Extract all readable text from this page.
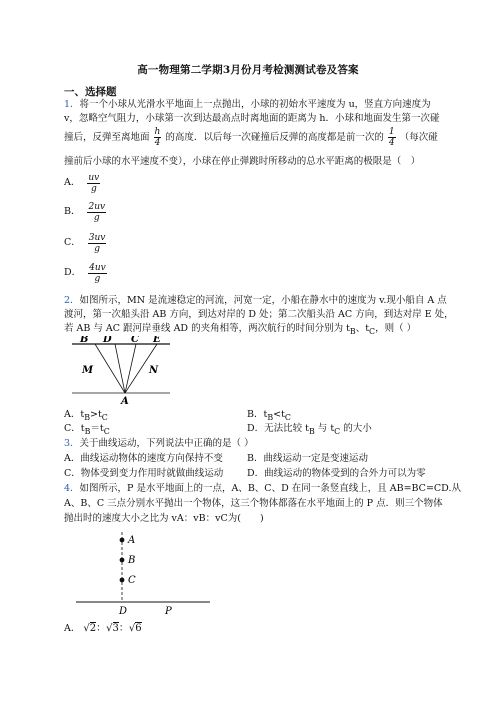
高一物理第二学期3月份月考检测测试卷及答案
一、选择题
1．将一个小球从光滑水平地面上一点抛出，小球的初始水平速度为 u，竖直方向速度为
v，忽略空气阻力，小球第一次到达最高点时离地面的距离为 h．小球和地面发生第一次碰
撞后，反弹至离地面 $\frac{h}{4}$ 的高度．以后每一次碰撞后反弹的高度都是前一次的 $\frac{1}{4}$ （每次碰
撞前后小球的水平速度不变），小球在停止弹跳时所移动的总水平距离的极限是（　）
A． $\frac{uv}{g}$
B． $\frac{2uv}{g}$
C． $\frac{3uv}{g}$
D． $\frac{4uv}{g}$
2．如图所示，MN 是流速稳定的河流，河宽一定，小船在静水中的速度为 v.现小船自 A 点
渡河，第一次船头沿 AB 方向，到达对岸的 D 处；第二次船头沿 AC 方向，到达对岸 E 处，
若 AB 与 AC 跟河岸垂线 AD 的夹角相等，两次航行的时间分别为 $t_B$、$t_C$，则（ ）
B D C E
M	N
A
A．$t_B>t_C$	B．$t_B<t_C$
C．$t_B=t_C$	D．无法比较 $t_B$ 与 $t_C$ 的大小
3．关于曲线运动，下列说法中正确的是（ ）
A．曲线运动物体的速度方向保持不变	B．曲线运动一定是变速运动
C．物体受到变力作用时就做曲线运动 D．曲线运动的物体受到的合外力可以为零
4．如图所示，P 是水平地面上的一点，A、B、C、D 在同一条竖直线上，且 AB=BC=CD.从
A、B、C 三点分别水平抛出一个物体，这三个物体都落在水平地面上的 P 点．则三个物体
抛出时的速度大小之比为 vA：vB：vC为(　　)
A
B
C
D	P
A． √2：√3：√6
